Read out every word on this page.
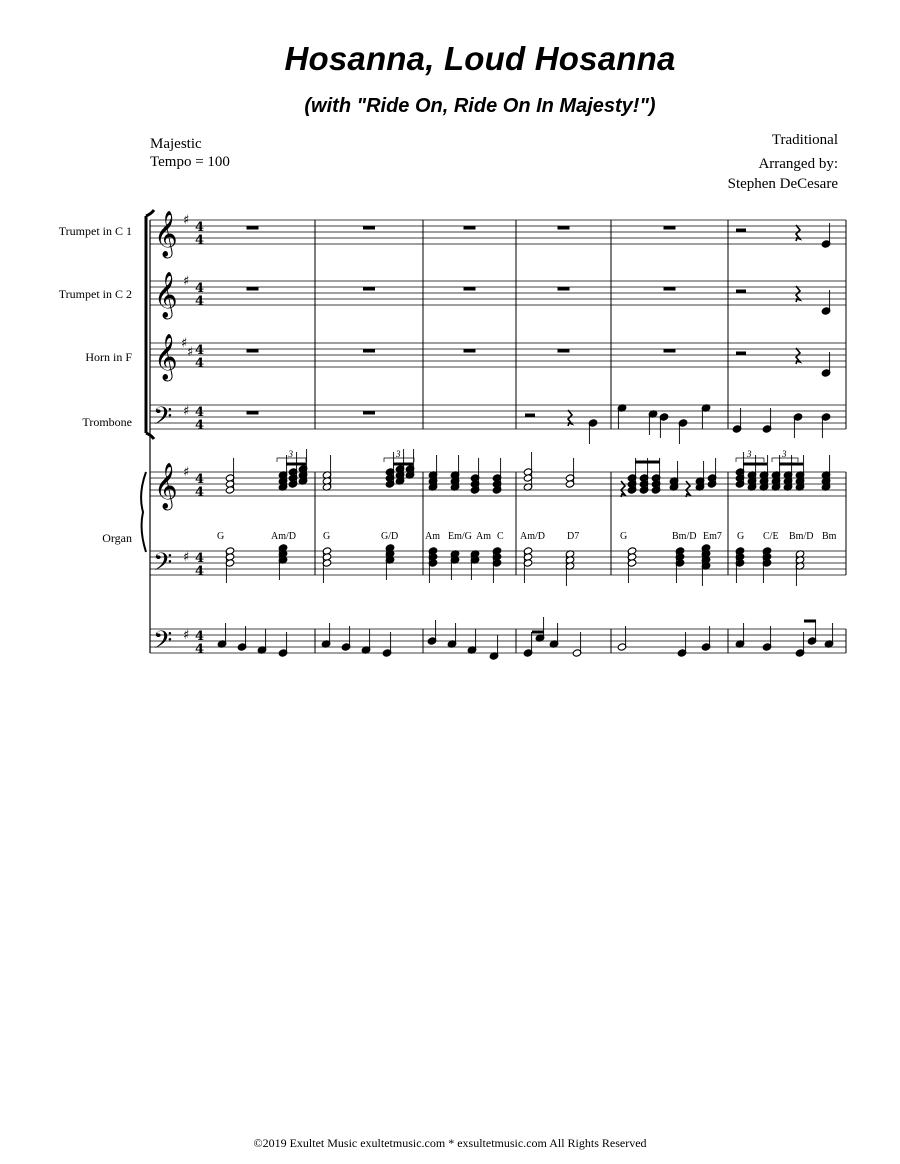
Hosanna, Loud Hosanna
(with "Ride On, Ride On In Majesty!")
Majestic
Tempo = 100
Traditional
Arranged by:
Stephen DeCesare
Trumpet in C 1
Trumpet in C 2
Horn in F
Trombone
Organ
𝄞
𝄞
𝄞
𝄞
𝄢
𝄢
𝄢
♯
♯
♯
♯
♯
♯
♯
♯
4
4
4
4
4
4
4
4
4
4
4
4
4
4
3	3	3	3
G	Am/D	G	G/D	Am Em/G Am C Am/D D7	G	Bm/D Em7 G C/E Bm/D Bm
©2019 Exultet Music exultetmusic.com * exsultetmusic.com All Rights Reserved
